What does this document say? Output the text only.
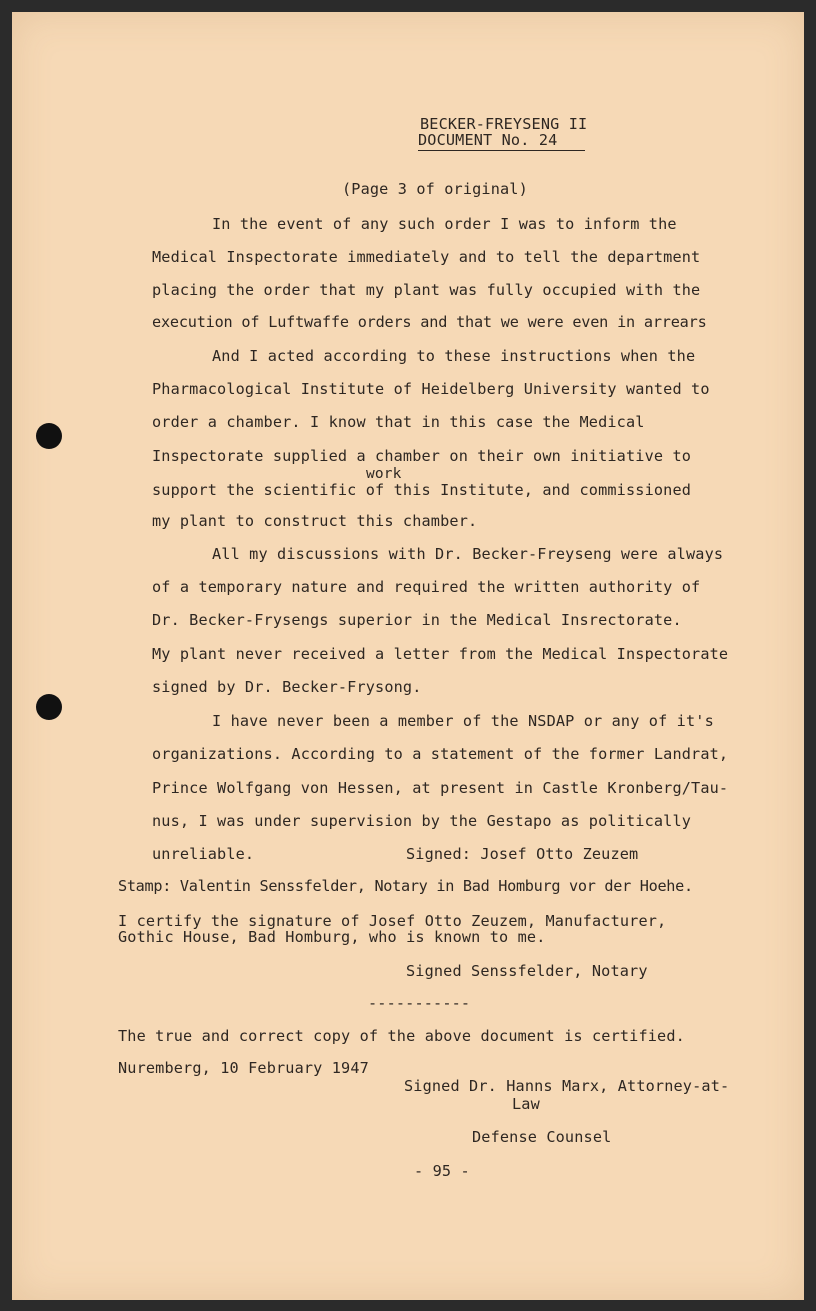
BECKER-FREYSENG II
DOCUMENT No. 24
(Page 3 of original)
In the event of any such order I was to inform the
Medical Inspectorate immediately and to tell the department
placing the order that my plant was fully occupied with the
execution of Luftwaffe orders and that we were even in arrears
And I acted according to these instructions when the
Pharmacological Institute of Heidelberg University wanted to
order a chamber. I know that in this case the Medical
Inspectorate supplied a chamber on their own initiative to
work
support the scientific of this Institute, and commissioned
my plant to construct this chamber.
All my discussions with Dr. Becker-Freyseng were always
of a temporary nature and required the written authority of
Dr. Becker-Frysengs superior in the Medical Insrectorate.
My plant never received a letter from the Medical Inspectorate
signed by Dr. Becker-Frysong.
I have never been a member of the NSDAP or any of it's
organizations. According to a statement of the former Landrat,
Prince Wolfgang von Hessen, at present in Castle Kronberg/Tau-
nus, I was under supervision by the Gestapo as politically
unreliable.	Signed: Josef Otto Zeuzem
Stamp: Valentin Senssfelder, Notary in Bad Homburg vor der Hoehe.
I certify the signature of Josef Otto Zeuzem, Manufacturer,
Gothic House, Bad Homburg, who is known to me.
Signed Senssfelder, Notary
-----------
The true and correct copy of the above document is certified.
Nuremberg, 10 February 1947
Signed Dr. Hanns Marx, Attorney-at-
Law
Defense Counsel
- 95 -
